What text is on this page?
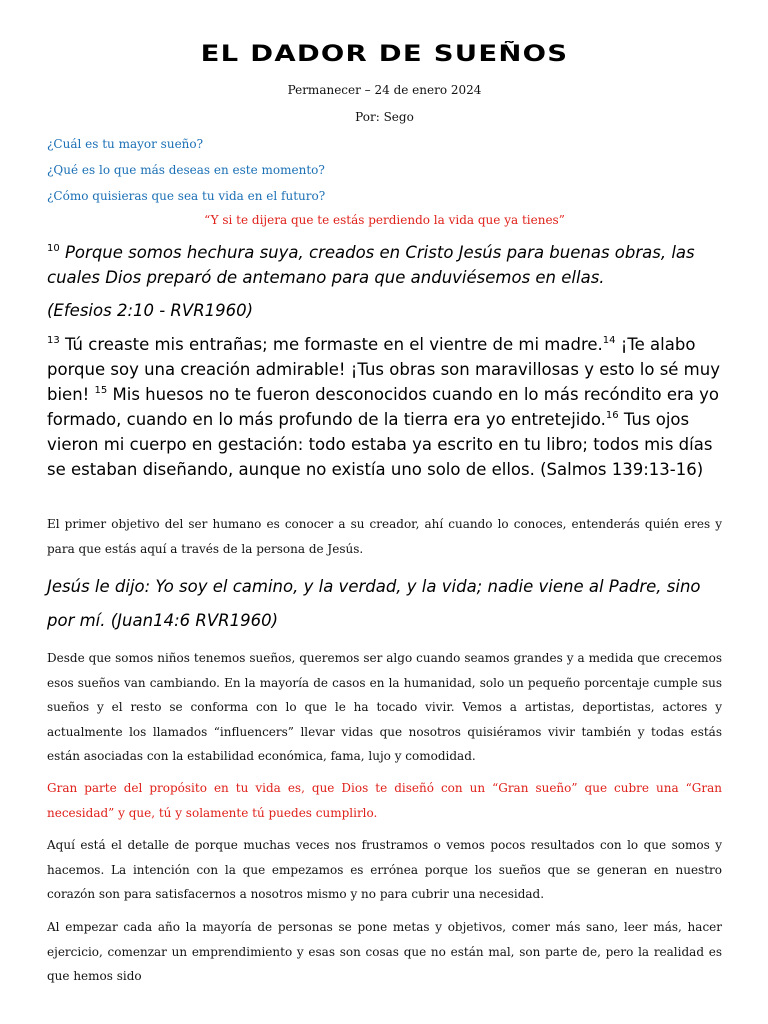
EL DADOR DE SUEÑOS
Permanecer – 24 de enero 2024
Por: Sego
¿Cuál es tu mayor sueño?
¿Qué es lo que más deseas en este momento?
¿Cómo quisieras que sea tu vida en el futuro?
“Y si te dijera que te estás perdiendo la vida que ya tienes”
$^{10}$ Porque somos hechura suya, creados en Cristo Jesús para buenas obras, las cuales Dios preparó de antemano para que anduviésemos en ellas.
(Efesios 2:10 - RVR1960)
$^{13}$ Tú creaste mis entrañas; me formaste en el vientre de mi madre.$^{14}$ ¡Te alabo porque soy una creación admirable! ¡Tus obras son maravillosas y esto lo sé muy bien! $^{15}$ Mis huesos no te fueron desconocidos cuando en lo más recóndito era yo formado, cuando en lo más profundo de la tierra era yo entretejido.$^{16}$ Tus ojos vieron mi cuerpo en gestación: todo estaba ya escrito en tu libro; todos mis días se estaban diseñando, aunque no existía uno solo de ellos. (Salmos 139:13-16)
El primer objetivo del ser humano es conocer a su creador, ahí cuando lo conoces, entenderás quién eres y para que estás aquí a través de la persona de Jesús.
Jesús le dijo: Yo soy el camino, y la verdad, y la vida; nadie viene al Padre, sino por mí. (Juan14:6 RVR1960)
Desde que somos niños tenemos sueños, queremos ser algo cuando seamos grandes y a medida que crecemos esos sueños van cambiando. En la mayoría de casos en la humanidad, solo un pequeño porcentaje cumple sus sueños y el resto se conforma con lo que le ha tocado vivir. Vemos a artistas, deportistas, actores y actualmente los llamados “influencers” llevar vidas que nosotros quisiéramos vivir también y todas estás están asociadas con la estabilidad económica, fama, lujo y comodidad.
Gran parte del propósito en tu vida es, que Dios te diseñó con un “Gran sueño” que cubre una “Gran necesidad” y que, tú y solamente tú puedes cumplirlo.
Aquí está el detalle de porque muchas veces nos frustramos o vemos pocos resultados con lo que somos y hacemos. La intención con la que empezamos es errónea porque los sueños que se generan en nuestro corazón son para satisfacernos a nosotros mismo y no para cubrir una necesidad.
Al empezar cada año la mayoría de personas se pone metas y objetivos, comer más sano, leer más, hacer ejercicio, comenzar un emprendimiento y esas son cosas que no están mal, son parte de, pero la realidad es que hemos sido
